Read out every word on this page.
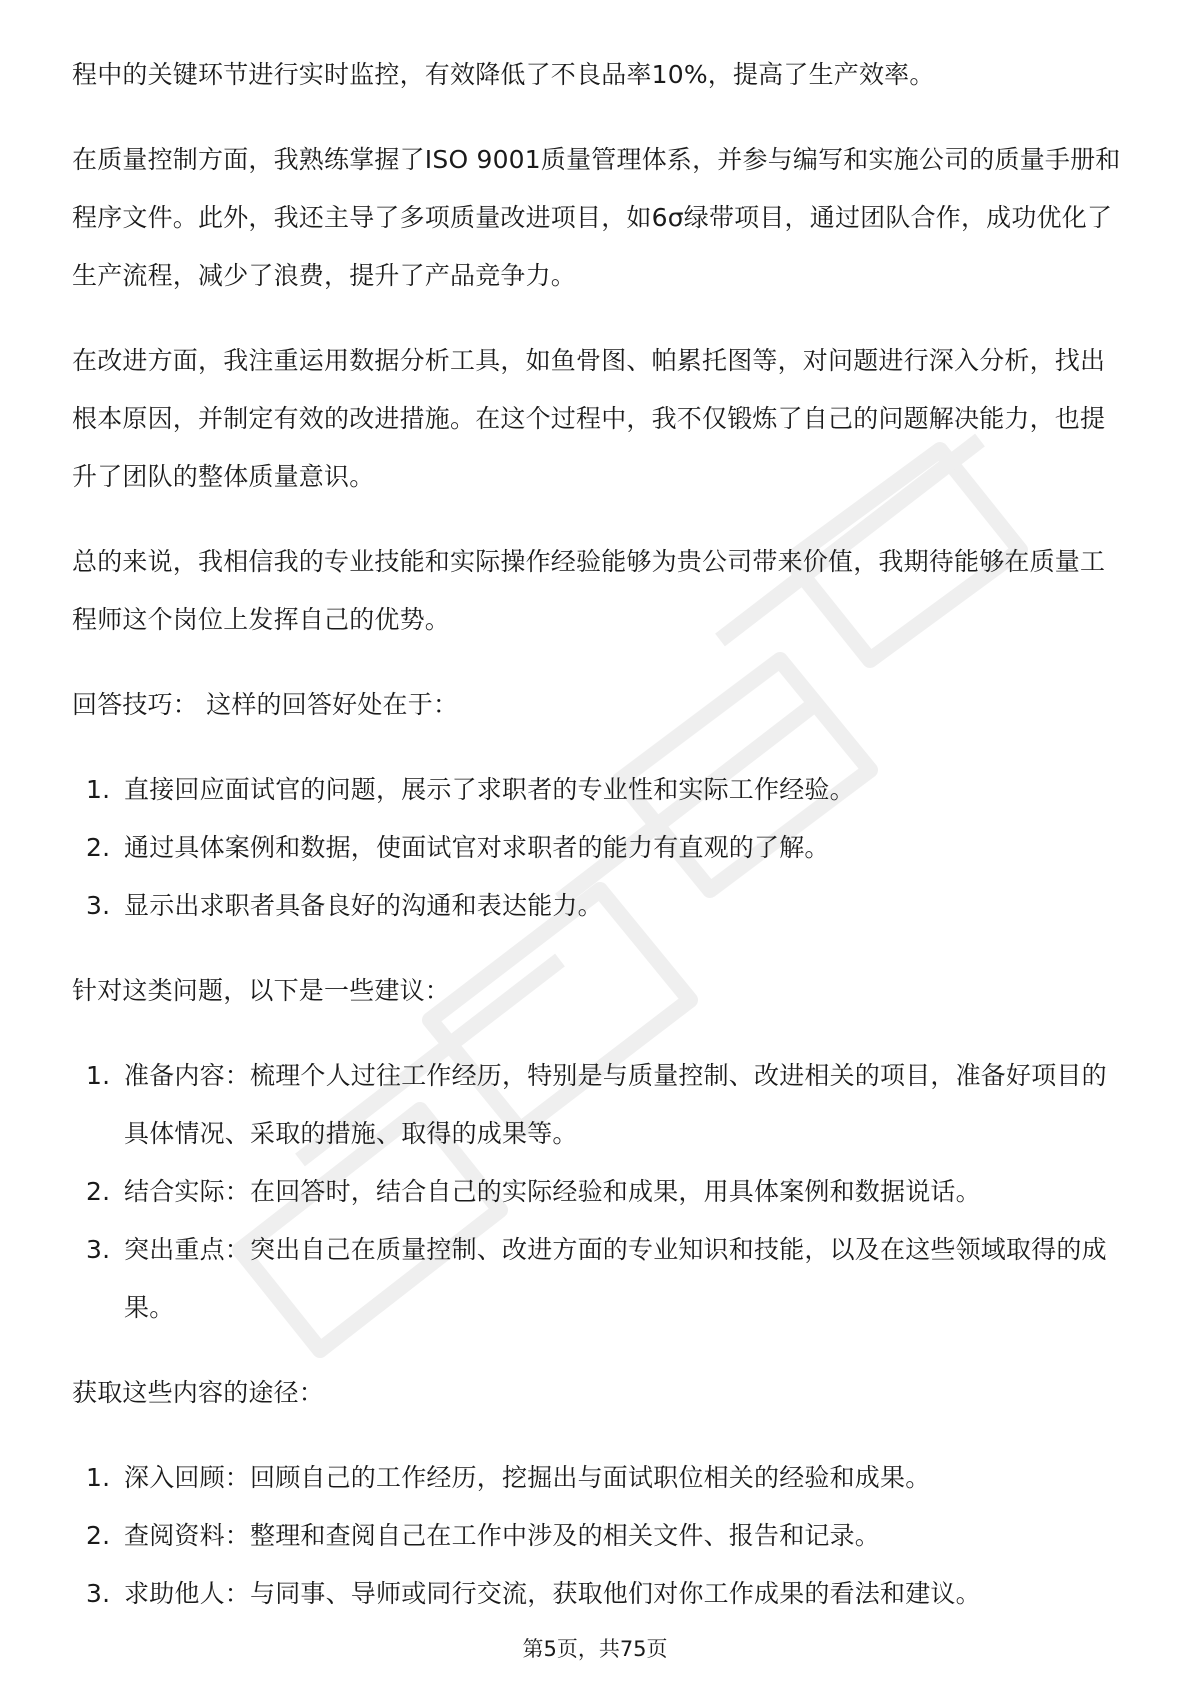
程中的关键环节进行实时监控，有效降低了不良品率10%，提高了生产效率。

在质量控制方面，我熟练掌握了ISO 9001质量管理体系，并参与编写和实施公司的质量手册和程序文件。此外，我还主导了多项质量改进项目，如6σ绿带项目，通过团队合作，成功优化了生产流程，减少了浪费，提升了产品竞争力。

在改进方面，我注重运用数据分析工具，如鱼骨图、帕累托图等，对问题进行深入分析，找出根本原因，并制定有效的改进措施。在这个过程中，我不仅锻炼了自己的问题解决能力，也提升了团队的整体质量意识。

总的来说，我相信我的专业技能和实际操作经验能够为贵公司带来价值，我期待能够在质量工程师这个岗位上发挥自己的优势。

回答技巧： 这样的回答好处在于：

1. 直接回应面试官的问题，展示了求职者的专业性和实际工作经验。
2. 通过具体案例和数据，使面试官对求职者的能力有直观的了解。
3. 显示出求职者具备良好的沟通和表达能力。

针对这类问题，以下是一些建议：

1. 准备内容：梳理个人过往工作经历，特别是与质量控制、改进相关的项目，准备好项目的具体情况、采取的措施、取得的成果等。
2. 结合实际：在回答时，结合自己的实际经验和成果，用具体案例和数据说话。
3. 突出重点：突出自己在质量控制、改进方面的专业知识和技能，以及在这些领域取得的成果。

获取这些内容的途径：

1. 深入回顾：回顾自己的工作经历，挖掘出与面试职位相关的经验和成果。
2. 查阅资料：整理和查阅自己在工作中涉及的相关文件、报告和记录。
3. 求助他人：与同事、导师或同行交流，获取他们对你工作成果的看法和建议。
第5页，共75页
